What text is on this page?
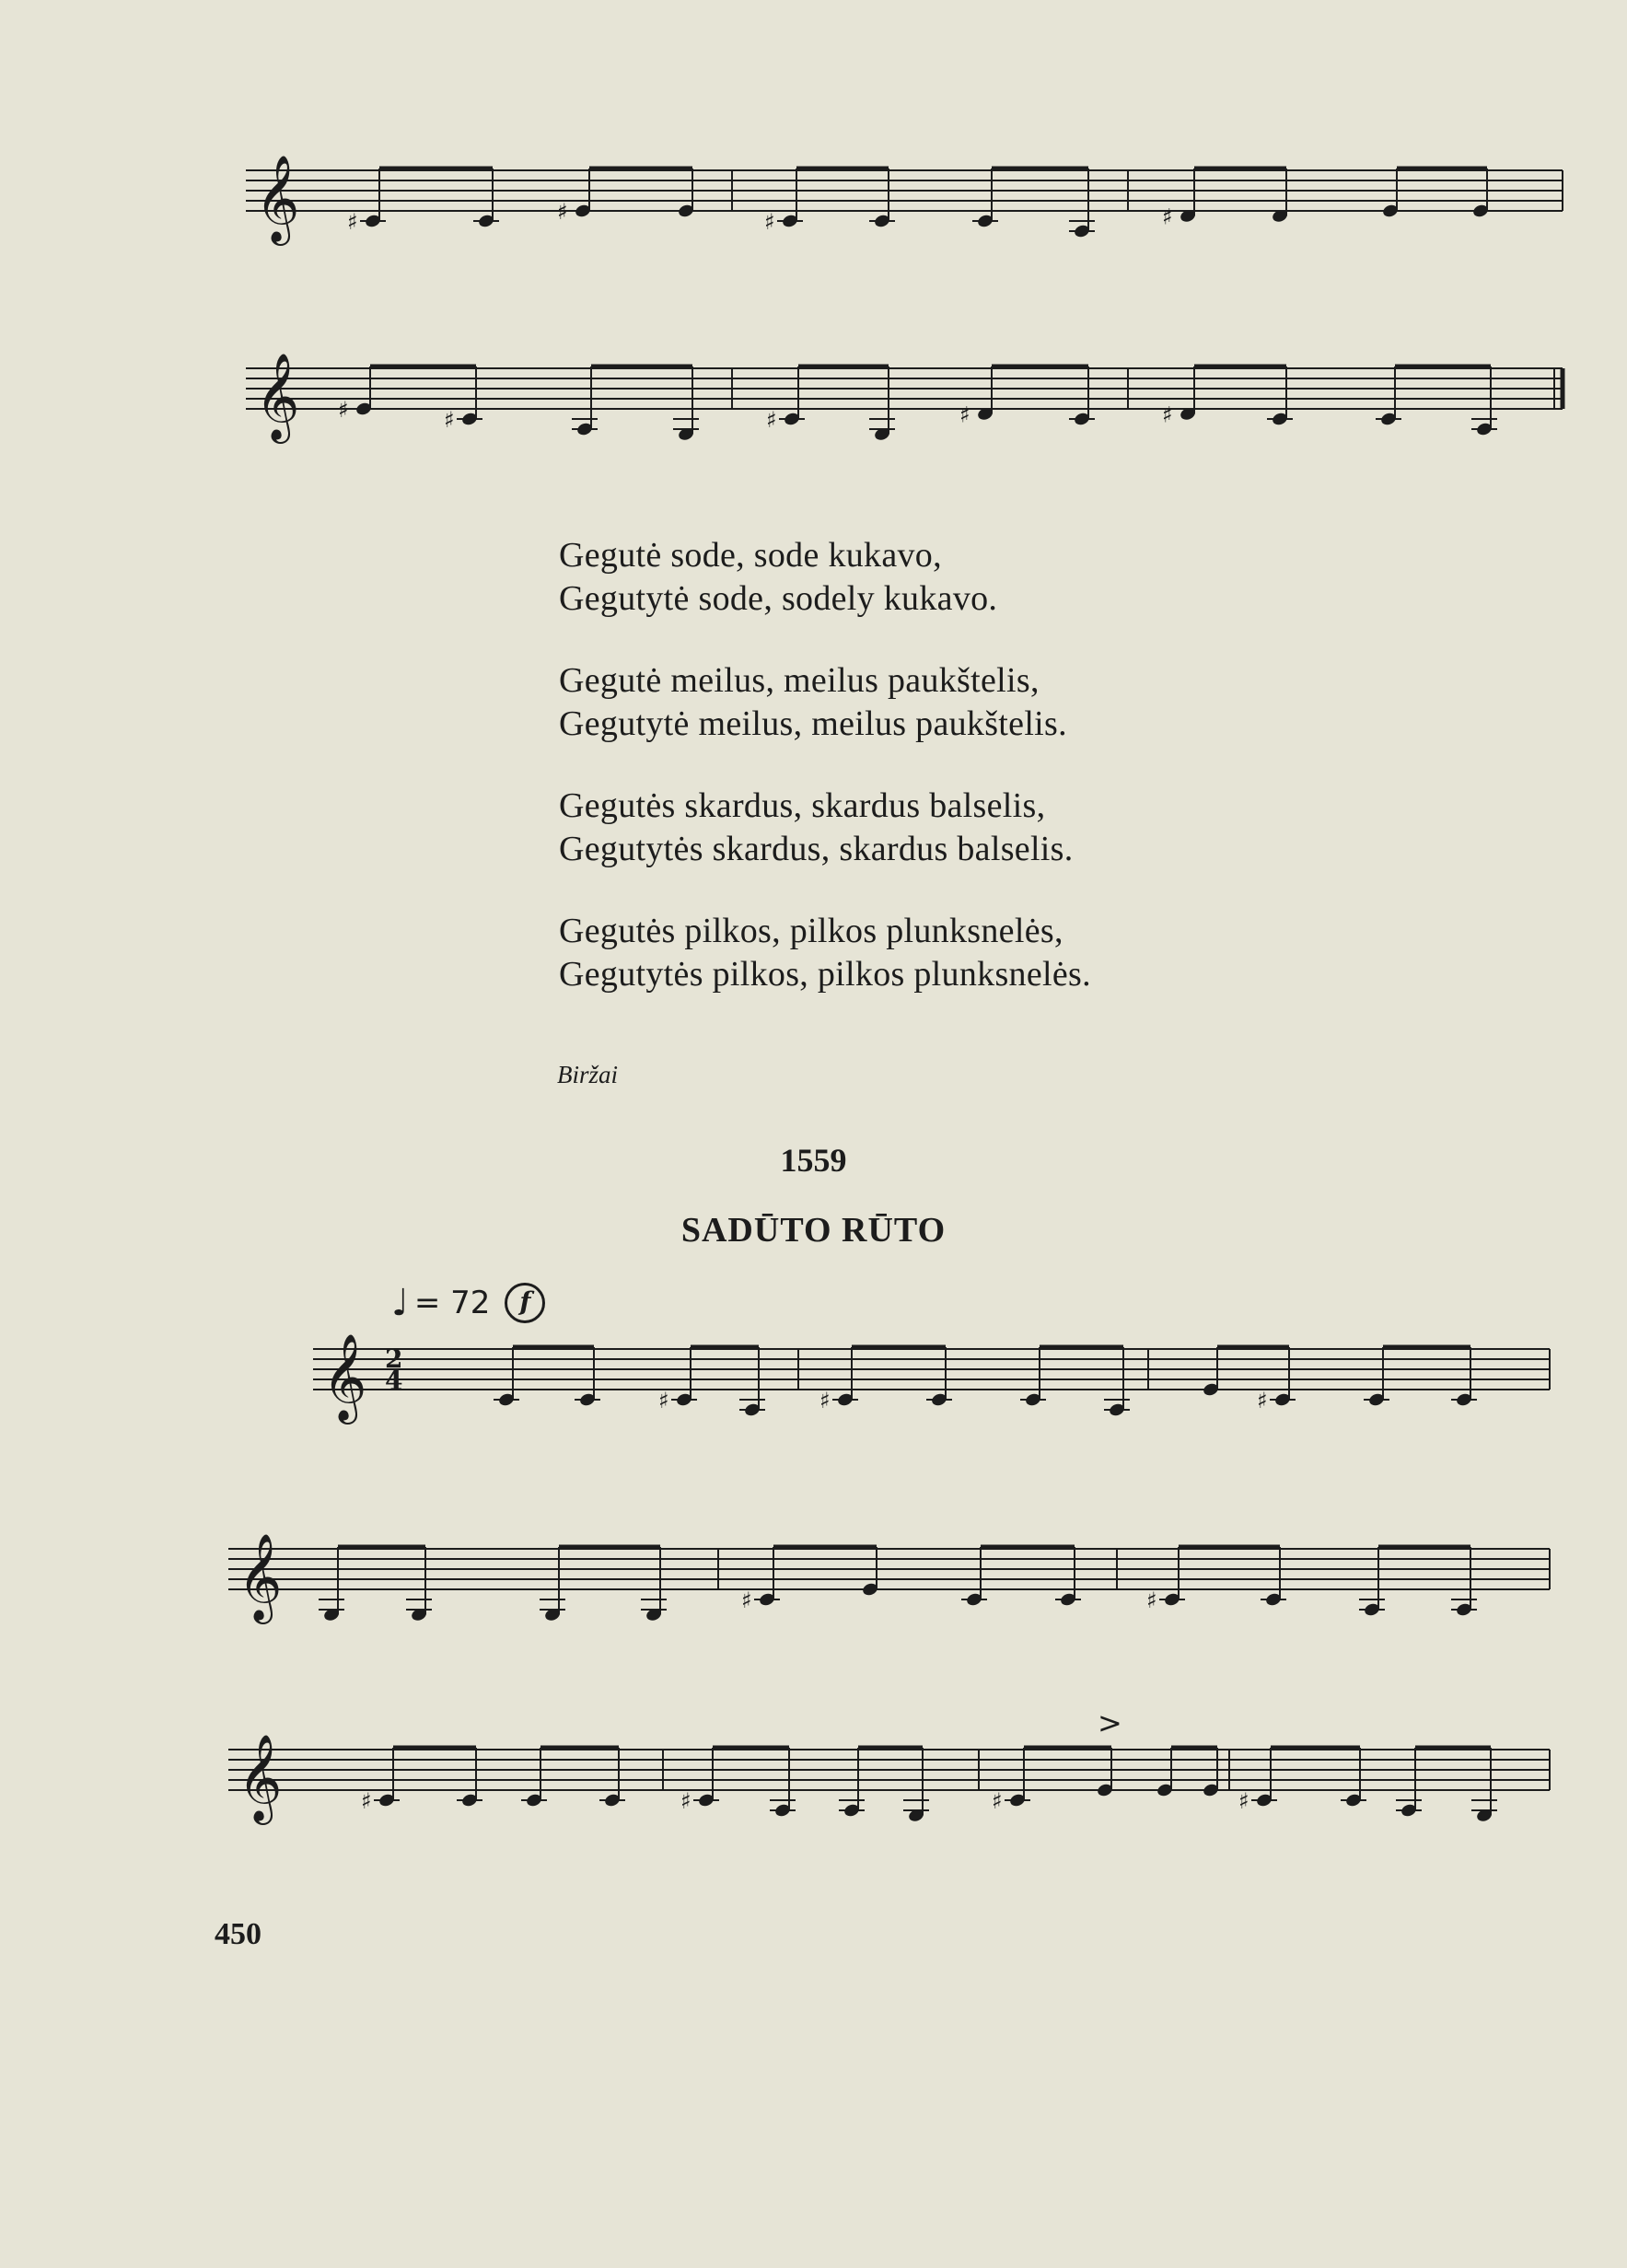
𝄞 ♯	♯	♯	♯
𝄞 ♯	♯	♯	♯	♯
Gegutė sode, sode kukavo,
Gegutytė sode, sodely kukavo.
Gegutė meilus, meilus paukštelis,
Gegutytė meilus, meilus paukštelis.
Gegutės skardus, skardus balselis,
Gegutytės skardus, skardus balselis.
Gegutės pilkos, pilkos plunksnelės,
Gegutytės pilkos, pilkos plunksnelės.
Biržai
1559
SADŪTO RŪTO
♩ = 72	f
𝄞 2
4
♯	♯	♯
𝄞	♯	♯
>
𝄞	♯	♯	♯	♯
450
